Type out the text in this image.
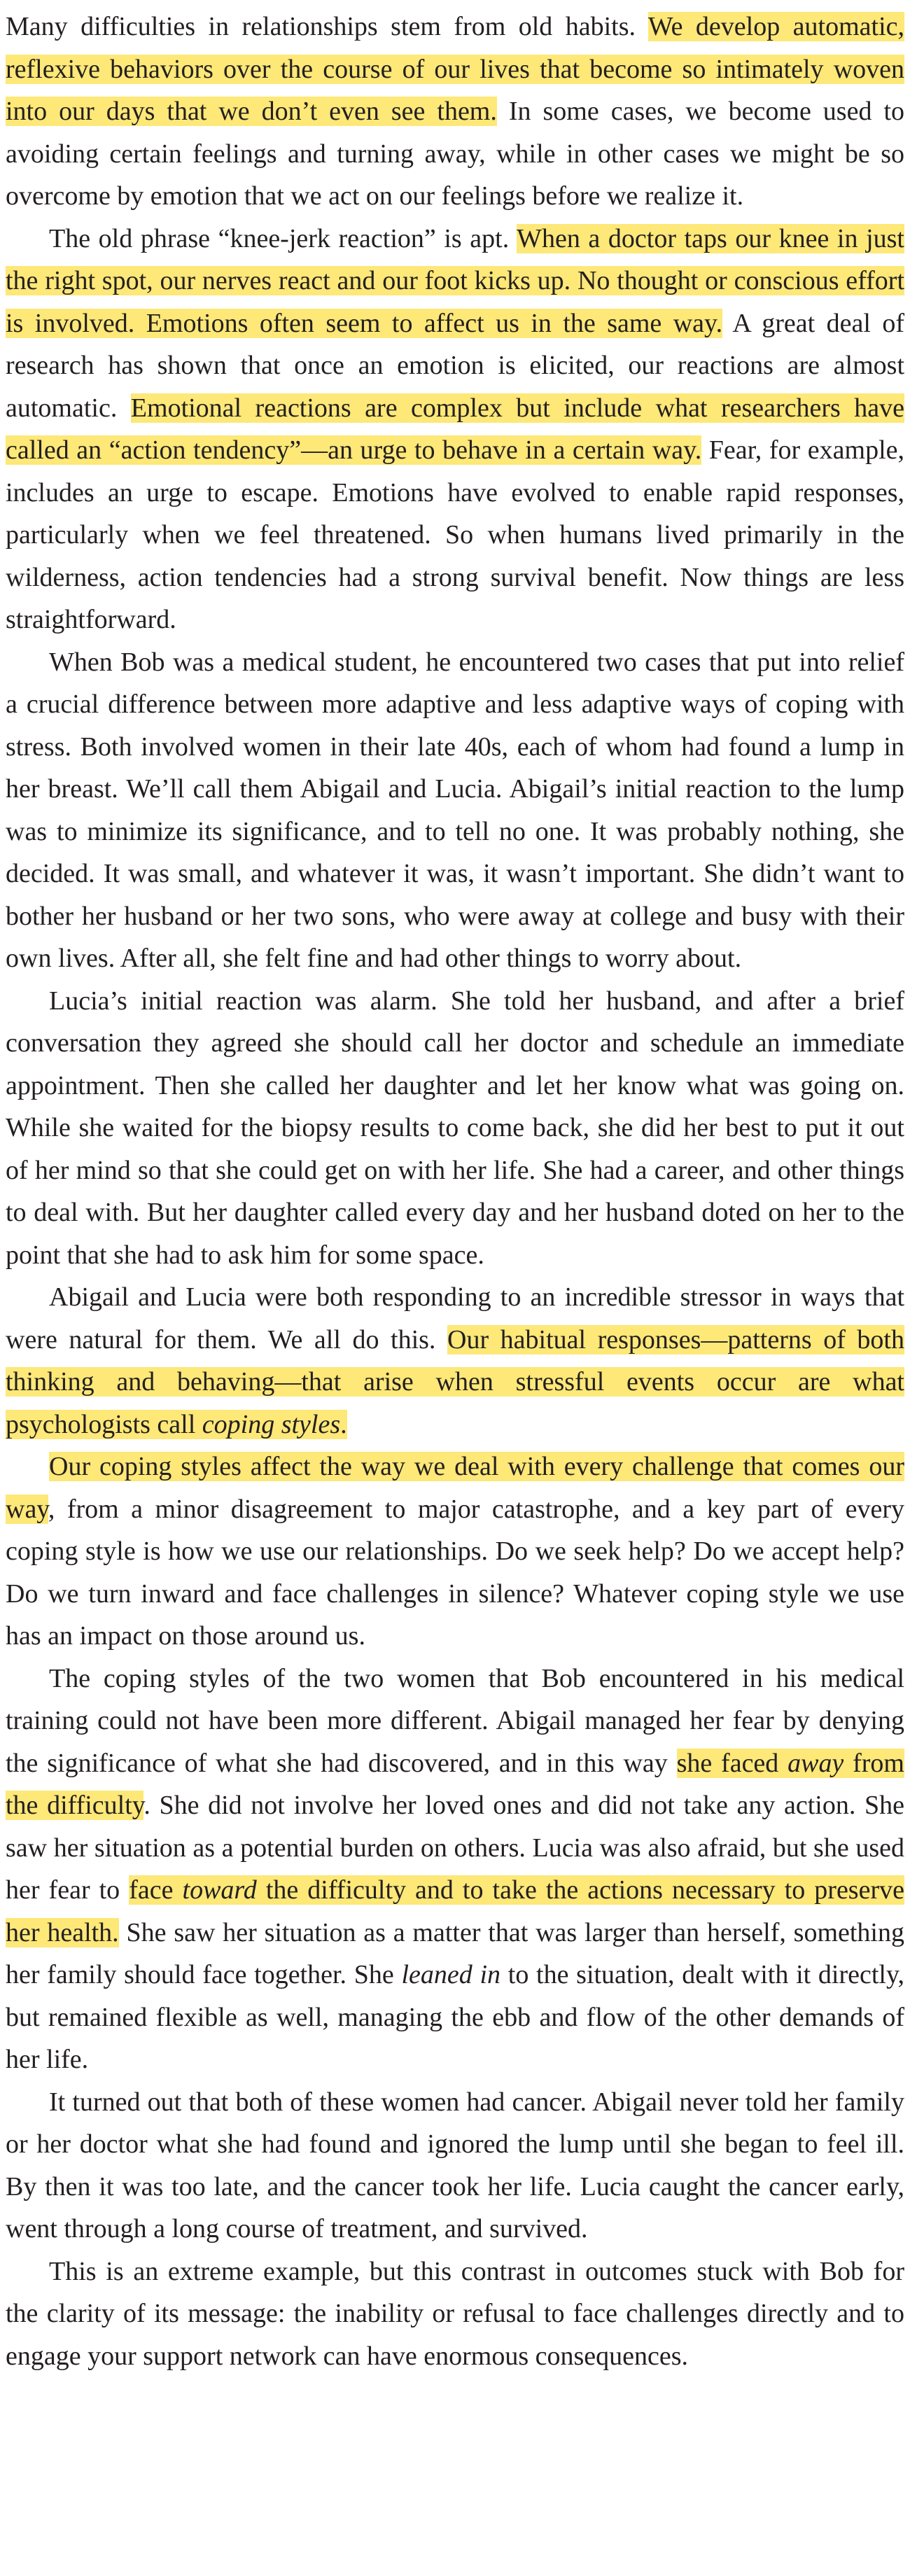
Many difficulties in relationships stem from old habits. We develop automatic, reflexive behaviors over the course of our lives that become so intimately woven into our days that we don’t even see them. In some cases, we become used to avoiding certain feelings and turning away, while in other cases we might be so overcome by emotion that we act on our feelings before we realize it.

The old phrase “knee-jerk reaction” is apt. When a doctor taps our knee in just the right spot, our nerves react and our foot kicks up. No thought or conscious effort is involved. Emotions often seem to affect us in the same way. A great deal of research has shown that once an emotion is elicited, our reactions are almost automatic. Emotional reactions are complex but include what researchers have called an “action tendency”—an urge to behave in a certain way. Fear, for example, includes an urge to escape. Emotions have evolved to enable rapid responses, particularly when we feel threatened. So when humans lived primarily in the wilderness, action tendencies had a strong survival benefit. Now things are less straightforward.

When Bob was a medical student, he encountered two cases that put into relief a crucial difference between more adaptive and less adaptive ways of coping with stress. Both involved women in their late 40s, each of whom had found a lump in her breast. We’ll call them Abigail and Lucia. Abigail’s initial reaction to the lump was to minimize its significance, and to tell no one. It was probably nothing, she decided. It was small, and whatever it was, it wasn’t important. She didn’t want to bother her husband or her two sons, who were away at college and busy with their own lives. After all, she felt fine and had other things to worry about.

Lucia’s initial reaction was alarm. She told her husband, and after a brief conversation they agreed she should call her doctor and schedule an immediate appointment. Then she called her daughter and let her know what was going on. While she waited for the biopsy results to come back, she did her best to put it out of her mind so that she could get on with her life. She had a career, and other things to deal with. But her daughter called every day and her husband doted on her to the point that she had to ask him for some space.

Abigail and Lucia were both responding to an incredible stressor in ways that were natural for them. We all do this. Our habitual responses—patterns of both thinking and behaving—that arise when stressful events occur are what psychologists call coping styles.

Our coping styles affect the way we deal with every challenge that comes our way, from a minor disagreement to major catastrophe, and a key part of every coping style is how we use our relationships. Do we seek help? Do we accept help? Do we turn inward and face challenges in silence? Whatever coping style we use has an impact on those around us.

The coping styles of the two women that Bob encountered in his medical training could not have been more different. Abigail managed her fear by denying the significance of what she had discovered, and in this way she faced away from the difficulty. She did not involve her loved ones and did not take any action. She saw her situation as a potential burden on others. Lucia was also afraid, but she used her fear to face toward the difficulty and to take the actions necessary to preserve her health. She saw her situation as a matter that was larger than herself, something her family should face together. She leaned in to the situation, dealt with it directly, but remained flexible as well, managing the ebb and flow of the other demands of her life.

It turned out that both of these women had cancer. Abigail never told her family or her doctor what she had found and ignored the lump until she began to feel ill. By then it was too late, and the cancer took her life. Lucia caught the cancer early, went through a long course of treatment, and survived.

This is an extreme example, but this contrast in outcomes stuck with Bob for the clarity of its message: the inability or refusal to face challenges directly and to engage your support network can have enormous consequences.
